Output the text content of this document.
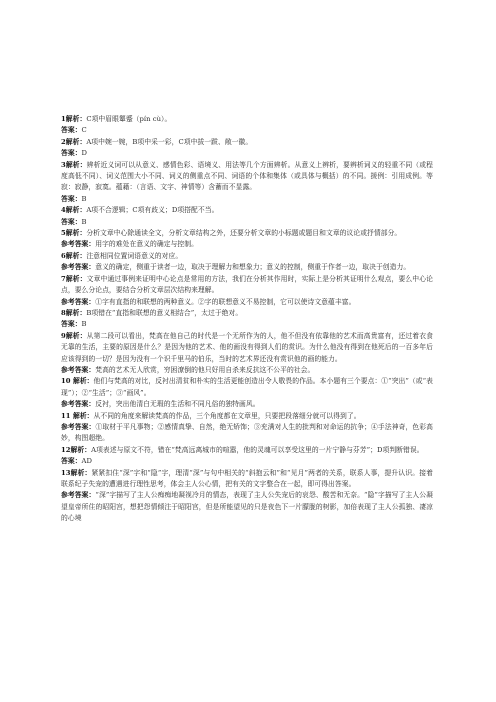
1解析：C项中眉眼颦蹙（pín cù）。

答案：C

2解析：A项中婉一婉，B项中采一彩，C项中拔一跋、敞一徽。

答案：D

3解析：辨析近义词可以从意义、感情色彩、语境义、用法等几个方面辨析。从意义上辨析，要辨析词义的轻重不同（或程度高低不同）、词义范围大小不同、词义的侧重点不同、词语的个体和集体（或具体与概括）的不同。援例：引用成例。等寂：寂静，寂寞。蕴藉：（言语、文字、神情等）含蓄而不显露。

答案：B

4解析：A项不合逻辑；C项有歧义；D项搭配不当。

答案：B

5解析：分析文章中心除通读全文，分析文章结构之外，还要分析文章的小标题或题目和文章的议论或抒情部分。

参考答案：用字的难处在意义的确定与控制。

6解析：注意相同位置词语意义的对应。

参考答案：意义的确定，侧重于读者一边，取决于理解力和想象力；意义的控制，侧重于作者一边，取决于创造力。

7解析：文章中通过事例来证明中心论点是常用的方法，我们在分析其作用时，实际上是分析其证明什么观点，要么中心论点，要么分论点，要结合分析文章层次结构来理解。

参考答案：①字有直指的和联想的两种意义。②字的联想意义不易控制，它可以使诗文意蕴丰富。

8解析：B项错在“直指和联想的意义相结合”，太过于绝对。

答案：B

9解析：从第二段可以看出，梵高在他自己的时代是一个无所作为的人，他不但没有依靠他的艺术而高贵富有，还过着衣食无靠的生活，主要的原因是什么？是因为他的艺术、他的画没有得到人们的赏识。为什么他没有得到在他死后的一百多年后应该得到的一切？是因为没有一个识千里马的伯乐，当时的艺术界还没有赏识他的画的能力。

参考答案：梵高的艺术无人欣赏，穷困潦倒的他只好用自杀来反抗这不公平的社会。

10 解析：他们与梵高的对比，反衬出清贫和朴实的生活更能创造出令人敬畏的作品。本小题有三个要点：①“突出”（或“表现”）；②“生活”；③“画风”。

参考答案：反衬，突出他清白无瑕的生活和不同凡俗的独特画风。

11 解析：从不同的角度来解读梵高的作品，三个角度都在文章里，只要把段落细分就可以得到了。

参考答案：①取材于平凡事物；②感情真挚、自然，绝无矫饰；③充满对人生的批判和对命运的抗争；④手法神奇，色彩高妙，构图超绝。

12解析：A项表述与原文不符，错在“梵高远离城市的喧嚣，他的灵魂可以享受这里的一片宁静与芬芳”；D项判断错误。

答案：AD

13解析：紧紧扣住“深”字和“隐”字，理清“深”与句中相关的“斜抱云和”和“见月”两者的关系，联系人事，提升认识。接着联系纪子失宠的遭遇进行理性思考，体会主人公心情，把有关的文字整合在一起，即可得出答案。

参考答案：“深”字描写了主人公痴痴地凝视冷月的情态，表现了主人公失宠后的哀怨、酸苦和无奈。“隐”字描写了主人公凝望皇帝所住的昭阳宫，想把怨情倾注于昭阳宫，但是所能望见的只是夜色下一片朦胧的树影，加倍表现了主人公孤独、凄凉的心境
